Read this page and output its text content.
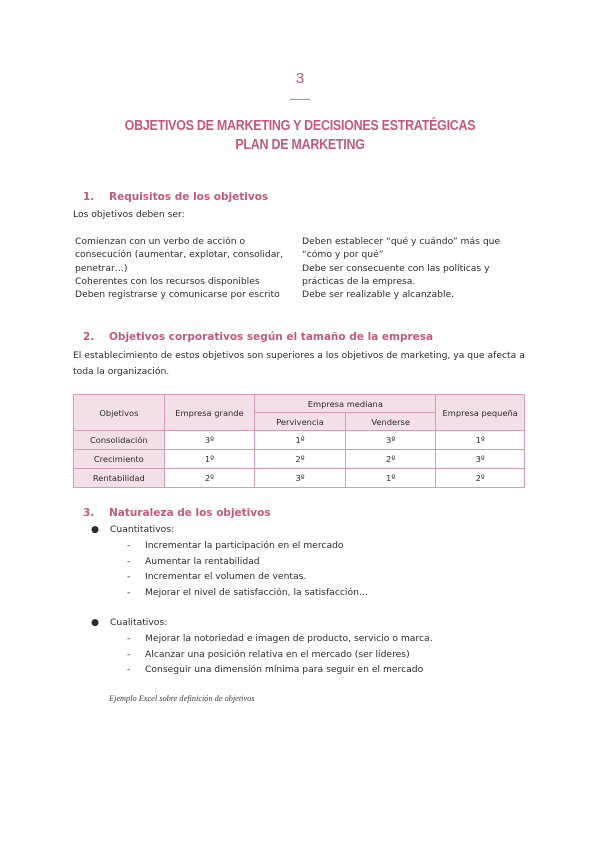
3
OBJETIVOS DE MARKETING Y DECISIONES ESTRATÉGICAS
PLAN DE MARKETING
1. Requisitos de los objetivos
Los objetivos deben ser:
Comienzan con un verbo de acción o
consecución (aumentar, explotar, consolidar,
penetrar…)
Coherentes con los recursos disponibles
Deben registrarse y comunicarse por escrito
Deben establecer “qué y cuándo” más que
“cómo y por qué”
Debe ser consecuente con las políticas y
prácticas de la empresa.
Debe ser realizable y alcanzable.
2. Objetivos corporativos según el tamaño de la empresa
El establecimiento de estos objetivos son superiores a los objetivos de marketing, ya que afecta a
toda la organización.
Objetivos	Empresa grande	Empresa mediana		Empresa pequeña
		Pervivencia	Venderse	
Consolidación	3º	1º	3º	1º
Crecimiento	1º	2º	2º	3º
Rentabilidad	2º	3º	1º	2º
3. Naturaleza de los objetivos
● Cuantitativos:
- Incrementar la participación en el mercado
- Aumentar la rentabilidad
- Incrementar el volumen de ventas.
- Mejorar el nivel de satisfacción, la satisfacción…
● Cualitativos:
- Mejorar la notoriedad e imagen de producto, servicio o marca.
- Alcanzar una posición relativa en el mercado (ser líderes)
- Conseguir una dimensión mínima para seguir en el mercado
Ejemplo Excel sobre definición de objetivos
